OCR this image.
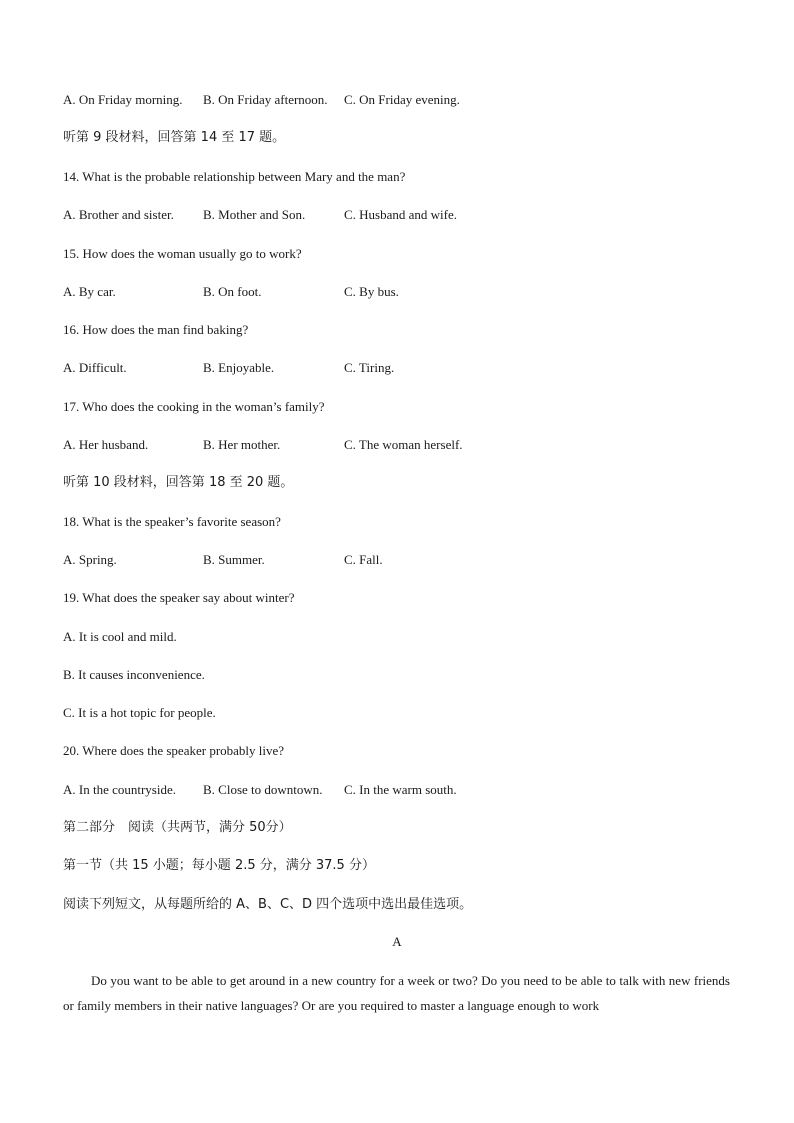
A. On Friday morning. B. On Friday afternoon. C. On Friday evening.
听第 9 段材料，回答第 14 至 17 题。
14. What is the probable relationship between Mary and the man?
A. Brother and sister. B. Mother and Son.	C. Husband and wife.
15. How does the woman usually go to work?
A. By car.	B. On foot.	C. By bus.
16. How does the man find baking?
A. Difficult.	B. Enjoyable.	C. Tiring.
17. Who does the cooking in the woman’s family?
A. Her husband.	B. Her mother.	C. The woman herself.
听第 10 段材料，回答第 18 至 20 题。
18. What is the speaker’s favorite season?
A. Spring.	B. Summer.	C. Fall.
19. What does the speaker say about winter?
A. It is cool and mild.
B. It causes inconvenience.
C. It is a hot topic for people.
20. Where does the speaker probably live?
A. In the countryside. B. Close to downtown. C. In the warm south.
第二部分　阅读（共两节，满分 50分）
第一节（共 15 小题；每小题 2.5 分，满分 37.5 分）
阅读下列短文，从每题所给的 A、B、C、D 四个选项中选出最佳选项。
A
Do you want to be able to get around in a new country for a week or two? Do you need to be able to talk with new friends or family members in their native languages? Or are you required to master a language enough to work
